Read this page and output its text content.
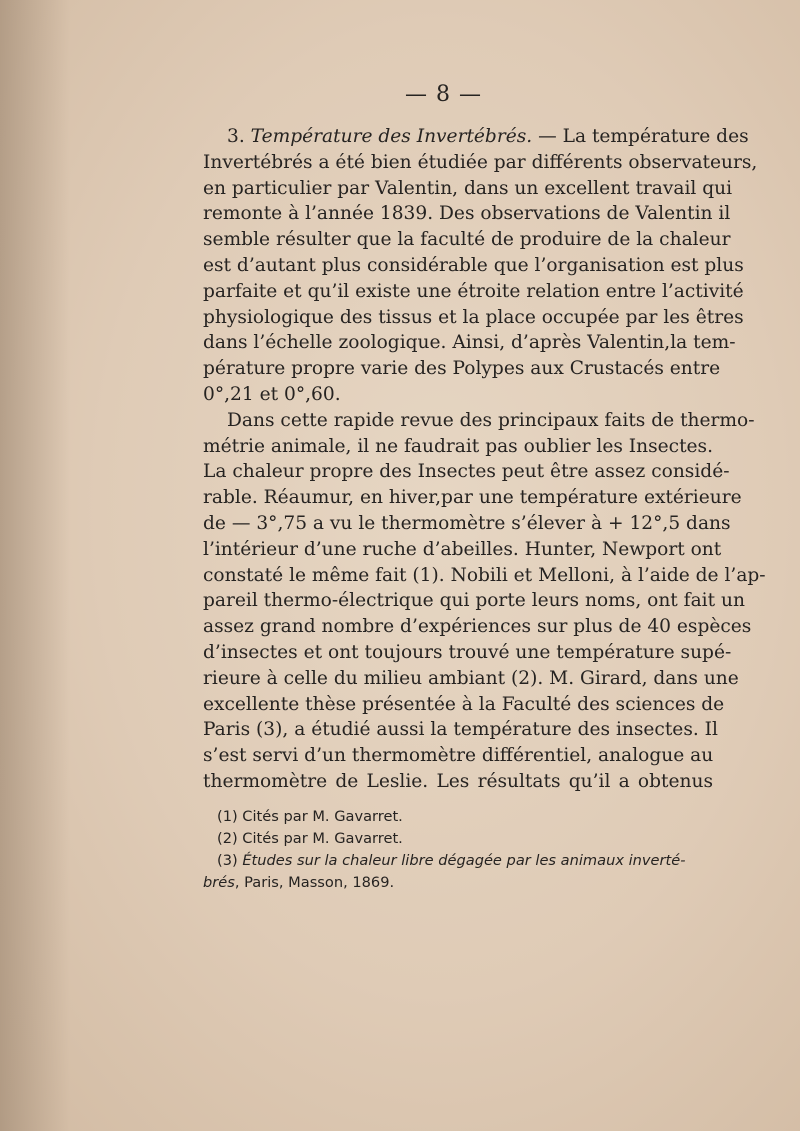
— 8 —
3. Température des Invertébrés. — La température des
Invertébrés a été bien étudiée par différents observateurs,
en particulier par Valentin, dans un excellent travail qui
remonte à l’année 1839. Des observations de Valentin il
semble résulter que la faculté de produire de la chaleur
est d’autant plus considérable que l’organisation est plus
parfaite et qu’il existe une étroite relation entre l’activité
physiologique des tissus et la place occupée par les êtres
dans l’échelle zoologique. Ainsi, d’après Valentin,la tem-
pérature propre varie des Polypes aux Crustacés entre
0°,21 et 0°,60.
Dans cette rapide revue des principaux faits de thermo-
métrie animale, il ne faudrait pas oublier les Insectes.
La chaleur propre des Insectes peut être assez considé-
rable. Réaumur, en hiver,par une température extérieure
de — 3°,75 a vu le thermomètre s’élever à + 12°,5 dans
l’intérieur d’une ruche d’abeilles. Hunter, Newport ont
constaté le même fait (1). Nobili et Melloni, à l’aide de l’ap-
pareil thermo-électrique qui porte leurs noms, ont fait un
assez grand nombre d’expériences sur plus de 40 espèces
d’insectes et ont toujours trouvé une température supé-
rieure à celle du milieu ambiant (2). M. Girard, dans une
excellente thèse présentée à la Faculté des sciences de
Paris (3), a étudié aussi la température des insectes. Il
s’est servi d’un thermomètre différentiel, analogue au
thermomètre de Leslie. Les résultats qu’il a obtenus
(1) Cités par M. Gavarret.
(2) Cités par M. Gavarret.
(3) Études sur la chaleur libre dégagée par les animaux inverté-
brés, Paris, Masson, 1869.
